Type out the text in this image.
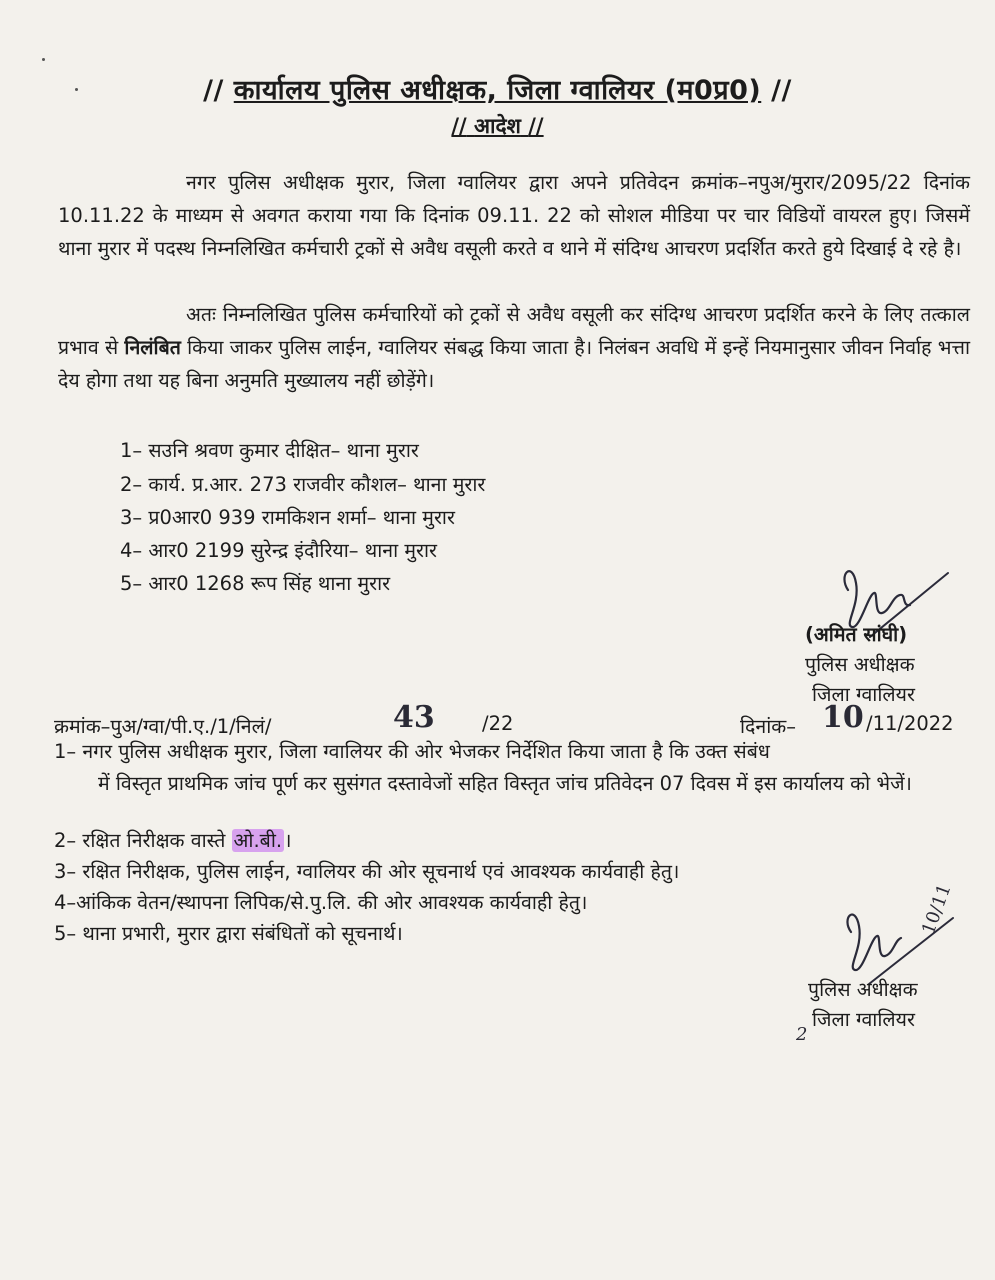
// कार्यालय पुलिस अधीक्षक, जिला ग्वालियर (म0प्र0) //
// आदेश //
नगर पुलिस अधीक्षक मुरार, जिला ग्वालियर द्वारा अपने प्रतिवेदन क्रमांक–नपुअ/मुरार/2095/22 दिनांक 10.11.22 के माध्यम से अवगत कराया गया कि दिनांक 09.11. 22 को सोशल मीडिया पर चार विडियों वायरल हुए। जिसमें थाना मुरार में पदस्थ निम्नलिखित कर्मचारी ट्रकों से अवैध वसूली करते व थाने में संदिग्ध आचरण प्रदर्शित करते हुये दिखाई दे रहे है।
अतः निम्नलिखित पुलिस कर्मचारियों को ट्रकों से अवैध वसूली कर संदिग्ध आचरण प्रदर्शित करने के लिए तत्काल प्रभाव से निलंबित किया जाकर पुलिस लाईन, ग्वालियर संबद्ध किया जाता है। निलंबन अवधि में इन्हें नियमानुसार जीवन निर्वाह भत्ता देय होगा तथा यह बिना अनुमति मुख्यालय नहीं छोड़ेंगे।
1– सउनि श्रवण कुमार दीक्षित– थाना मुरार
2– कार्य. प्र.आर. 273 राजवीर कौशल– थाना मुरार
3– प्र0आर0 939 रामकिशन शर्मा– थाना मुरार
4– आर0 2199 सुरेन्द्र इंदौरिया– थाना मुरार
5– आर0 1268 रूप सिंह थाना मुरार
(अमित सांघी)
पुलिस अधीक्षक
जिला ग्वालियर
क्रमांक–पुअ/ग्वा/पी.ए./1/निलं/	43 /22	दिनांक– 10 /11/2022
1– नगर पुलिस अधीक्षक मुरार, जिला ग्वालियर की ओर भेजकर निर्देशित किया जाता है कि उक्त संबंध
में विस्तृत प्राथमिक जांच पूर्ण कर सुसंगत दस्तावेजों सहित विस्तृत जांच प्रतिवेदन 07 दिवस में इस कार्यालय को भेजें।
2– रक्षित निरीक्षक वास्ते ओ.बी. ।
3– रक्षित निरीक्षक, पुलिस लाईन, ग्वालियर की ओर सूचनार्थ एवं आवश्यक कार्यवाही हेतु।
4–आंकिक वेतन/स्थापना लिपिक/से.पु.लि. की ओर आवश्यक कार्यवाही हेतु।
5– थाना प्रभारी, मुरार द्वारा संबंधितों को सूचनार्थ।	10/11
पुलिस अधीक्षक
जिला ग्वालियर
2
